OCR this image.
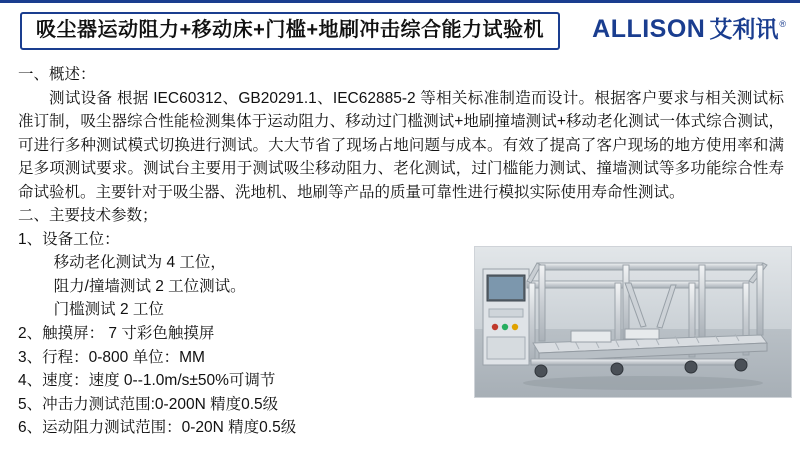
吸尘器运动阻力+移动床+门槛+地刷冲击综合能力试验机	ALLISON 艾利讯 ®

一、概述：

测试设备 根据 IEC60312、GB20291.1、IEC62885-2 等相关标准制造而设计。根据客户要求与相关测试标准订制，吸尘器综合性能检测集体于运动阻力、移动过门槛测试+地刷撞墙测试+移动老化测试一体式综合测试，可进行多种测试模式切换进行测试。大大节省了现场占地问题与成本。有效了提高了客户现场的地方使用率和满足多项测试要求。测试台主要用于测试吸尘移动阻力、老化测试，过门槛能力测试、撞墙测试等多功能综合性寿命试验机。主要针对于吸尘器、洗地机、地刷等产品的质量可靠性进行模拟实际使用寿命性测试。

二、主要技术参数；

1、设备工位：

移动老化测试为 4 工位，

阻力/撞墙测试 2 工位测试。

门槛测试 2 工位

2、触摸屏： 7 寸彩色触摸屏

3、行程：0-800 单位：MM

4、速度：速度 0--1.0m/s±50%可调节

5、冲击力测试范围:0-200N 精度0.5级

6、运动阻力测试范围：0-20N 精度0.5级
